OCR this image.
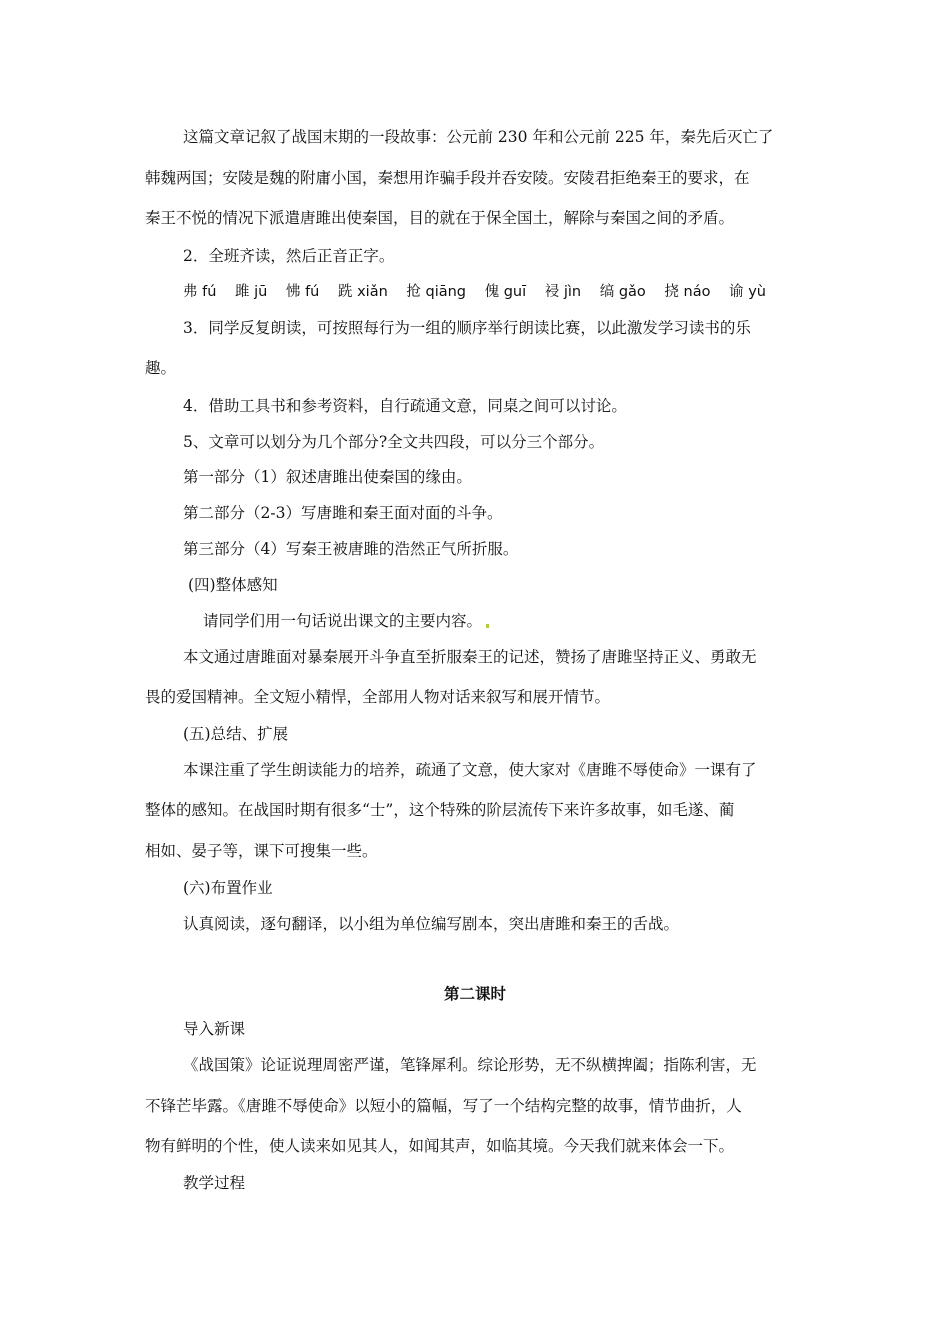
这篇文章记叙了战国末期的一段故事：公元前 230 年和公元前 225 年，秦先后灭亡了
韩魏两国；安陵是魏的附庸小国，秦想用诈骗手段并吞安陵。安陵君拒绝秦王的要求，在
秦王不悦的情况下派遣唐雎出使秦国，目的就在于保全国土，解除与秦国之间的矛盾。
2．全班齐读，然后正音正字。
弗 fú 雎 jū 怫 fú 跣 xiǎn 抢 qiāng 傀 guī 祲 jìn 缟 gǎo 挠 náo 谕 yù
3．同学反复朗读，可按照每行为一组的顺序举行朗读比赛，以此激发学习读书的乐
趣。
4．借助工具书和参考资料，自行疏通文意，同桌之间可以讨论。
5、文章可以划分为几个部分?全文共四段，可以分三个部分。
第一部分（1）叙述唐雎出使秦国的缘由。
第二部分（2-3）写唐雎和秦王面对面的斗争。
第三部分（4）写秦王被唐雎的浩然正气所折服。
(四)整体感知
请同学们用一句话说出课文的主要内容。
本文通过唐雎面对暴秦展开斗争直至折服秦王的记述，赞扬了唐雎坚持正义、勇敢无
畏的爱国精神。全文短小精悍，全部用人物对话来叙写和展开情节。
(五)总结、扩展
本课注重了学生朗读能力的培养，疏通了文意，使大家对《唐雎不辱使命》一课有了
整体的感知。在战国时期有很多“士”，这个特殊的阶层流传下来许多故事，如毛遂、蔺
相如、晏子等，课下可搜集一些。
(六)布置作业
认真阅读，逐句翻译，以小组为单位编写剧本，突出唐雎和秦王的舌战。
第二课时
导入新课
《战国策》论证说理周密严谨，笔锋犀利。综论形势，无不纵横捭阖；指陈利害，无
不锋芒毕露。《唐雎不辱使命》以短小的篇幅，写了一个结构完整的故事，情节曲折，人
物有鲜明的个性，使人读来如见其人，如闻其声，如临其境。今天我们就来体会一下。
教学过程
